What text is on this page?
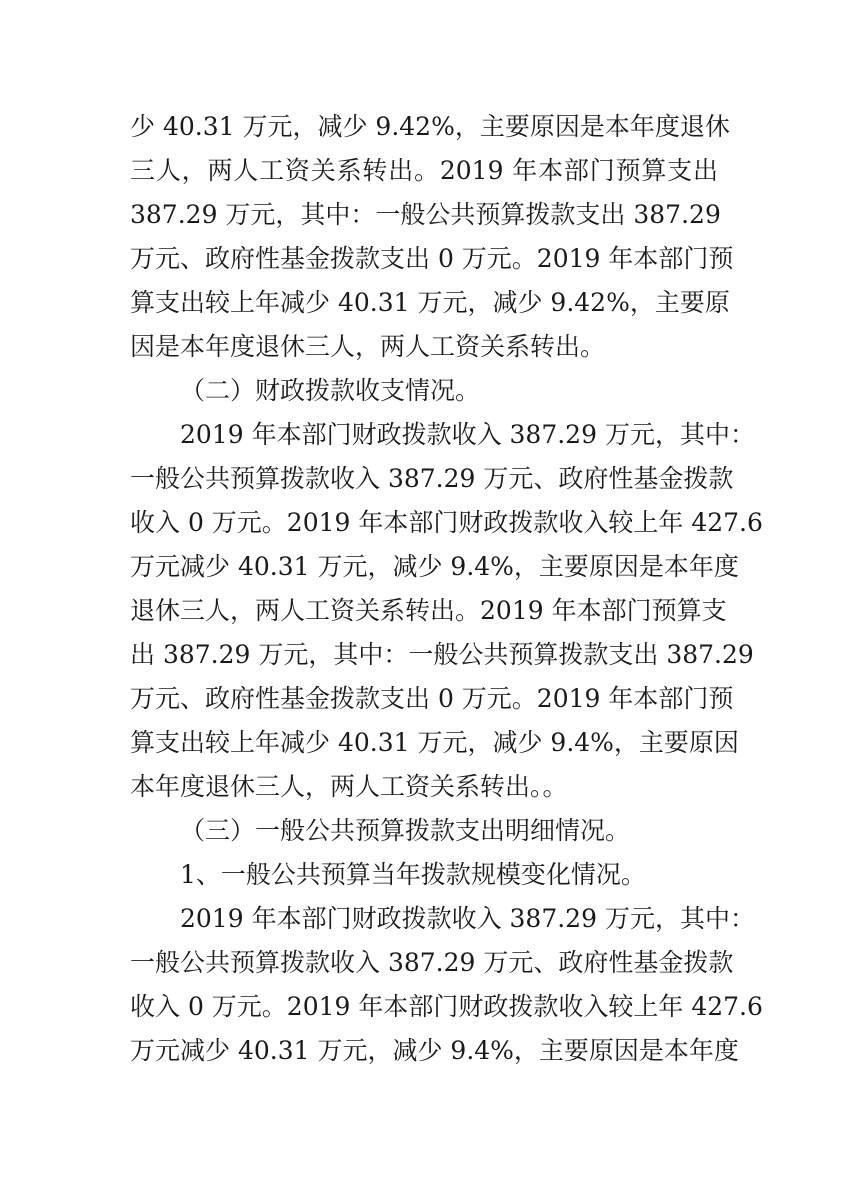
少 40.31 万元，减少 9.42%，主要原因是本年度退休
三人，两人工资关系转出。2019 年本部门预算支出
387.29 万元，其中：一般公共预算拨款支出 387.29
万元、政府性基金拨款支出 0 万元。2019 年本部门预
算支出较上年减少 40.31 万元，减少 9.42%，主要原
因是本年度退休三人，两人工资关系转出。
（二）财政拨款收支情况。
2019 年本部门财政拨款收入 387.29 万元，其中：
一般公共预算拨款收入 387.29 万元、政府性基金拨款
收入 0 万元。2019 年本部门财政拨款收入较上年 427.6
万元减少 40.31 万元，减少 9.4%，主要原因是本年度
退休三人，两人工资关系转出。2019 年本部门预算支
出 387.29 万元，其中：一般公共预算拨款支出 387.29
万元、政府性基金拨款支出 0 万元。2019 年本部门预
算支出较上年减少 40.31 万元，减少 9.4%，主要原因
本年度退休三人，两人工资关系转出。。
（三）一般公共预算拨款支出明细情况。
1、一般公共预算当年拨款规模变化情况。
2019 年本部门财政拨款收入 387.29 万元，其中：
一般公共预算拨款收入 387.29 万元、政府性基金拨款
收入 0 万元。2019 年本部门财政拨款收入较上年 427.6
万元减少 40.31 万元，减少 9.4%，主要原因是本年度
